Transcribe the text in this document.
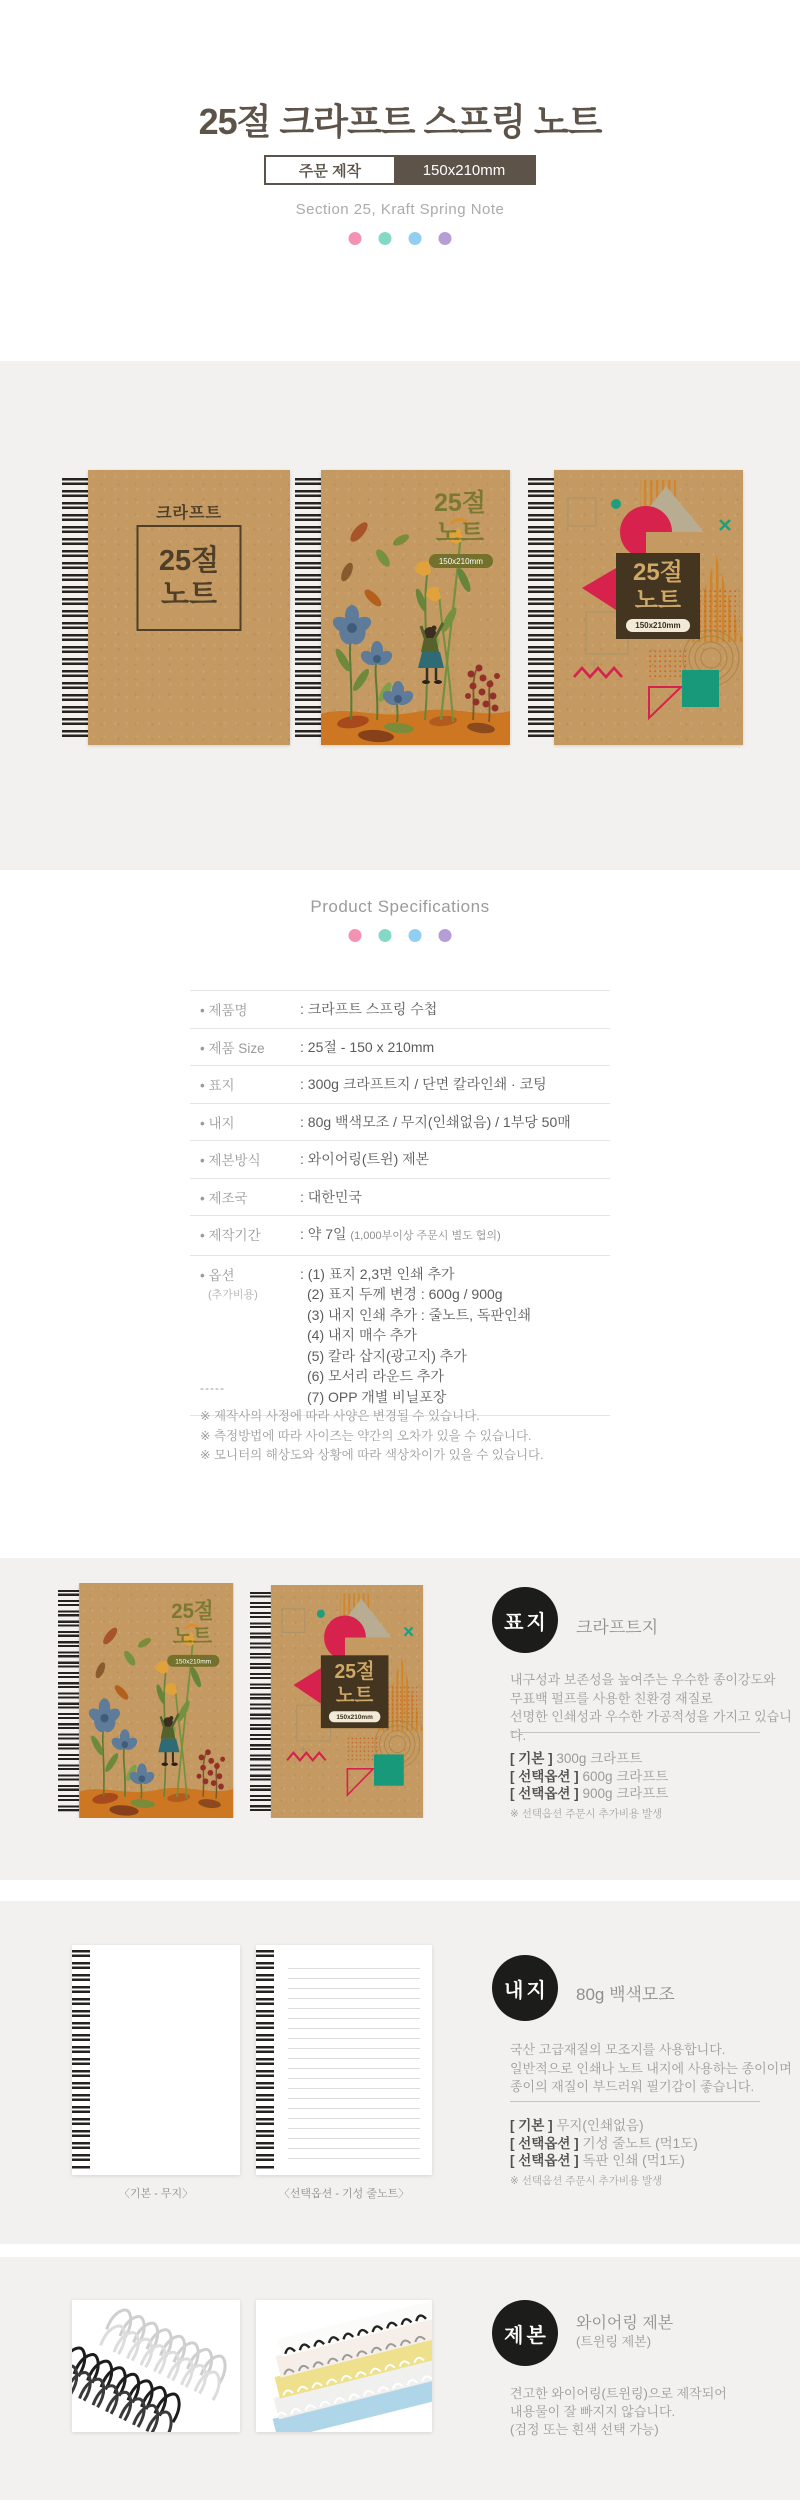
25절 크라프트 스프링 노트
주문 제작	150x210mm
Section 25, Kraft Spring Note
크라프트
25절
노트
25절
노트
150x210mm	25절
노트
150x210mm
Product Specifications
• 제품명	: 크라프트 스프링 수첩
• 제품 Size	: 25절 - 150 x 210mm
• 표지	: 300g 크라프트지 / 단면 칼라인쇄 · 코팅
• 내지	: 80g 백색모조 / 무지(인쇄없음) / 1부당 50매
• 제본방식	: 와이어링(트윈) 제본
• 제조국	: 대한민국
• 제작기간	: 약 7일 (1,000부이상 주문시 별도 협의)
• 옵션
(추가비용)
: (1) 표지 2,3면 인쇄 추가
(2) 표지 두께 변경 : 600g / 900g
(3) 내지 인쇄 추가 : 줄노트, 독판인쇄
(4) 내지 매수 추가
(5) 칼라 삽지(광고지) 추가
(6) 모서리 라운드 추가
(7) OPP 개별 비닐포장
-----
※ 제작사의 사정에 따라 사양은 변경될 수 있습니다.
※ 측정방법에 따라 사이즈는 약간의 오차가 있을 수 있습니다.
※ 모니터의 해상도와 상황에 따라 색상차이가 있을 수 있습니다.
25절
노트
150x210mm	25절
노트
150x210mm
표지	크라프트지
내구성과 보존성을 높여주는 우수한 종이강도와
무표백 펄프를 사용한 친환경 재질로
선명한 인쇄성과 우수한 가공적성을 가지고 있습니다.
[ 기본 ] 300g 크라프트
[ 선택옵션 ] 600g 크라프트
[ 선택옵션 ] 900g 크라프트
※ 선택옵션 주문시 추가비용 발생
〈기본 - 무지〉	〈선택옵션 - 기성 줄노트〉
내지	80g 백색모조
국산 고급재질의 모조지를 사용합니다.
일반적으로 인쇄나 노트 내지에 사용하는 종이이며
종이의 재질이 부드러워 필기감이 좋습니다.
[ 기본 ] 무지(인쇄없음)
[ 선택옵션 ] 기성 줄노트 (먹1도)
[ 선택옵션 ] 독판 인쇄 (먹1도)
※ 선택옵션 주문시 추가비용 발생
제본
와이어링 제본
(트윈링 제본)
견고한 와이어링(트윈링)으로 제작되어
내용물이 잘 빠지지 않습니다.
(검정 또는 흰색 선택 가능)
